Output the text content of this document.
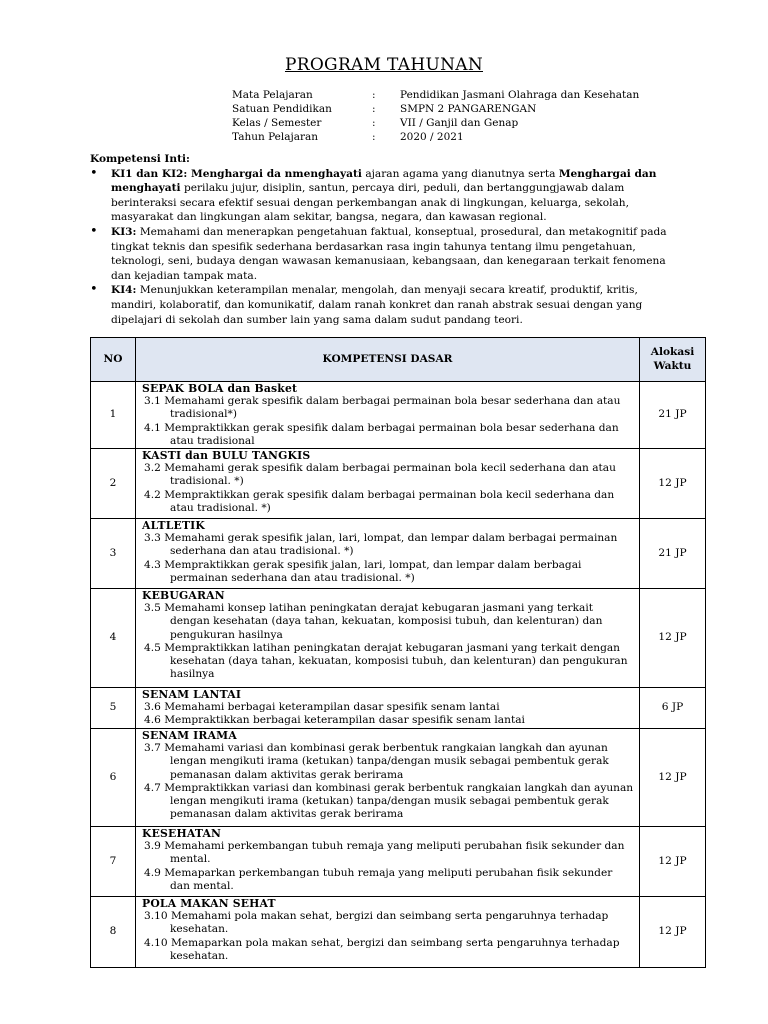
PROGRAM TAHUNAN
Mata Pelajaran	:	Pendidikan Jasmani Olahraga dan Kesehatan
Satuan Pendidikan	:	SMPN 2 PANGARENGAN
Kelas / Semester	:	VII / Ganjil dan Genap
Tahun Pelajaran	:	2020 / 2021
Kompetensi Inti:
• KI1 dan KI2: Menghargai da nmenghayati ajaran agama yang dianutnya serta Menghargai dan menghayati perilaku jujur, disiplin, santun, percaya diri, peduli, dan bertanggungjawab dalam berinteraksi secara efektif sesuai dengan perkembangan anak di lingkungan, keluarga, sekolah, masyarakat dan lingkungan alam sekitar, bangsa, negara, dan kawasan regional.
• KI3: Memahami dan menerapkan pengetahuan faktual, konseptual, prosedural, dan metakognitif pada tingkat teknis dan spesifik sederhana berdasarkan rasa ingin tahunya tentang ilmu pengetahuan, teknologi, seni, budaya dengan wawasan kemanusiaan, kebangsaan, dan kenegaraan terkait fenomena dan kejadian tampak mata.
• KI4: Menunjukkan keterampilan menalar, mengolah, dan menyaji secara kreatif, produktif, kritis, mandiri, kolaboratif, dan komunikatif, dalam ranah konkret dan ranah abstrak sesuai dengan yang dipelajari di sekolah dan sumber lain yang sama dalam sudut pandang teori.
NO	KOMPETENSI DASAR	Alokasi Waktu
1	SEPAK BOLA dan Basket
3.1 Memahami gerak spesifik dalam berbagai permainan bola besar sederhana dan atau tradisional*)
4.1 Mempraktikkan gerak spesifik dalam berbagai permainan bola besar sederhana dan atau tradisional	21 JP
2	KASTI dan BULU TANGKIS
3.2 Memahami gerak spesifik dalam berbagai permainan bola kecil sederhana dan atau tradisional. *)
4.2 Mempraktikkan gerak spesifik dalam berbagai permainan bola kecil sederhana dan atau tradisional. *)	12 JP
3	ALTLETIK
3.3 Memahami gerak spesifik jalan, lari, lompat, dan lempar dalam berbagai permainan sederhana dan atau tradisional. *)
4.3 Mempraktikkan gerak spesifik jalan, lari, lompat, dan lempar dalam berbagai permainan sederhana dan atau tradisional. *)	21 JP
4	KEBUGARAN
3.5 Memahami konsep latihan peningkatan derajat kebugaran jasmani yang terkait dengan kesehatan (daya tahan, kekuatan, komposisi tubuh, dan kelenturan) dan pengukuran hasilnya
4.5 Mempraktikkan latihan peningkatan derajat kebugaran jasmani yang terkait dengan kesehatan (daya tahan, kekuatan, komposisi tubuh, dan kelenturan) dan pengukuran hasilnya	12 JP
5	SENAM LANTAI
3.6 Memahami berbagai keterampilan dasar spesifik senam lantai
4.6 Mempraktikkan berbagai keterampilan dasar spesifik senam lantai	6 JP
6	SENAM IRAMA
3.7 Memahami variasi dan kombinasi gerak berbentuk rangkaian langkah dan ayunan lengan mengikuti irama (ketukan) tanpa/dengan musik sebagai pembentuk gerak pemanasan dalam aktivitas gerak berirama
4.7 Mempraktikkan variasi dan kombinasi gerak berbentuk rangkaian langkah dan ayunan lengan mengikuti irama (ketukan) tanpa/dengan musik sebagai pembentuk gerak pemanasan dalam aktivitas gerak berirama	12 JP
7	KESEHATAN
3.9 Memahami perkembangan tubuh remaja yang meliputi perubahan fisik sekunder dan mental.
4.9 Memaparkan perkembangan tubuh remaja yang meliputi perubahan fisik sekunder dan mental.	12 JP
8	POLA MAKAN SEHAT
3.10 Memahami pola makan sehat, bergizi dan seimbang serta pengaruhnya terhadap kesehatan.
4.10 Memaparkan pola makan sehat, bergizi dan seimbang serta pengaruhnya terhadap kesehatan.	12 JP
